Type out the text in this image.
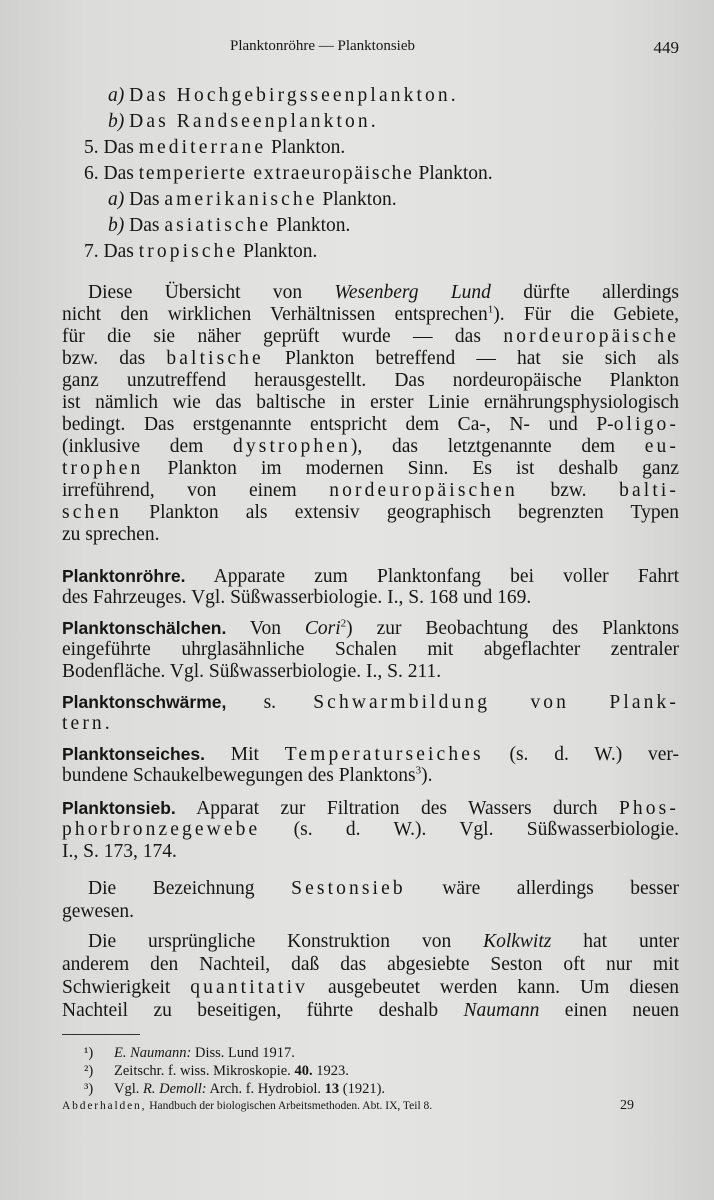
Planktonröhre — Planktonsieb	449
a) Das Hochgebirgsseenplankton.
b) Das Randseenplankton.
5. Das mediterrane Plankton.
6. Das temperierte extraeuropäische Plankton.
a) Das amerikanische Plankton.
b) Das asiatische Plankton.
7. Das tropische Plankton.
Diese Übersicht von Wesenberg Lund dürfte allerdings
nicht den wirklichen Verhältnissen entsprechen$^1$). Für die Gebiete,
für die sie näher geprüft wurde — das nordeuropäische
bzw. das baltische Plankton betreffend — hat sie sich als
ganz unzutreffend herausgestellt. Das nordeuropäische Plankton
ist nämlich wie das baltische in erster Linie ernährungsphysiologisch
bedingt. Das erstgenannte entspricht dem Ca-, N- und P-oligo-
(inklusive dem dystrophen), das letztgenannte dem eu-
trophen Plankton im modernen Sinn. Es ist deshalb ganz
irreführend, von einem nordeuropäischen bzw. balti-
schen Plankton als extensiv geographisch begrenzten Typen
zu sprechen.
Planktonröhre. Apparate zum Planktonfang bei voller Fahrt
des Fahrzeuges. Vgl. Süßwasserbiologie. I., S. 168 und 169.
Planktonschälchen. Von Cori$^2$) zur Beobachtung des Planktons
eingeführte uhrglasähnliche Schalen mit abgeflachter zentraler
Bodenfläche. Vgl. Süßwasserbiologie. I., S. 211.
Planktonschwärme, s. Schwarmbildung von Plank-
tern.
Planktonseiches. Mit Temperaturseiches (s. d. W.) ver-
bundene Schaukelbewegungen des Planktons$^3$).
Planktonsieb. Apparat zur Filtration des Wassers durch Phos-
phorbronzegewebe (s. d. W.). Vgl. Süßwasserbiologie.
I., S. 173, 174.
Die Bezeichnung Sestonsieb wäre allerdings besser
gewesen.
Die ursprüngliche Konstruktion von Kolkwitz hat unter
anderem den Nachteil, daß das abgesiebte Seston oft nur mit
Schwierigkeit quantitativ ausgebeutet werden kann. Um diesen
Nachteil zu beseitigen, führte deshalb Naumann einen neuen
¹) E. Naumann: Diss. Lund 1917.
²) Zeitschr. f. wiss. Mikroskopie. 40. 1923.
³) Vgl. R. Demoll: Arch. f. Hydrobiol. 13 (1921).
Abderhalden, Handbuch der biologischen Arbeitsmethoden. Abt. IX, Teil 8.	29
